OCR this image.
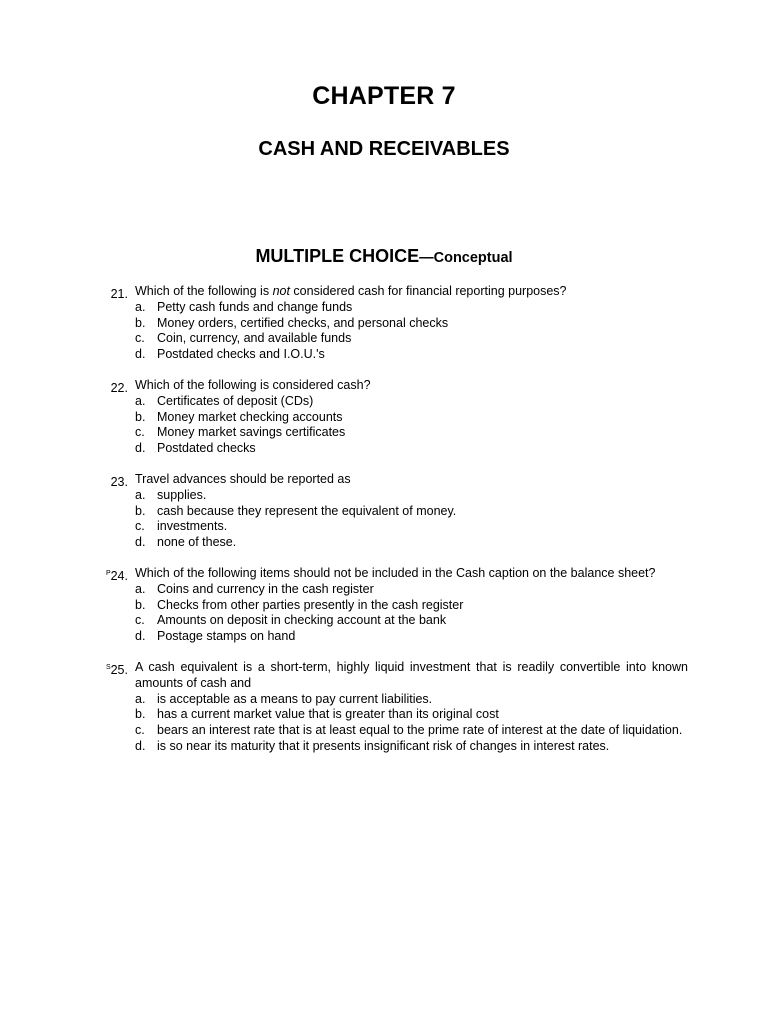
CHAPTER 7
CASH AND RECEIVABLES
MULTIPLE CHOICE—Conceptual
21. Which of the following is not considered cash for financial reporting purposes?
a. Petty cash funds and change funds
b. Money orders, certified checks, and personal checks
c. Coin, currency, and available funds
d. Postdated checks and I.O.U.'s
22. Which of the following is considered cash?
a. Certificates of deposit (CDs)
b. Money market checking accounts
c. Money market savings certificates
d. Postdated checks
23. Travel advances should be reported as
a. supplies.
b. cash because they represent the equivalent of money.
c. investments.
d. none of these.
$^P$24. Which of the following items should not be included in the Cash caption on the balance sheet?
a. Coins and currency in the cash register
b. Checks from other parties presently in the cash register
c. Amounts on deposit in checking account at the bank
d. Postage stamps on hand
$^S$25. A cash equivalent is a short-term, highly liquid investment that is readily convertible into known amounts of cash and
a. is acceptable as a means to pay current liabilities.
b. has a current market value that is greater than its original cost
c. bears an interest rate that is at least equal to the prime rate of interest at the date of liquidation.
d. is so near its maturity that it presents insignificant risk of changes in interest rates.
